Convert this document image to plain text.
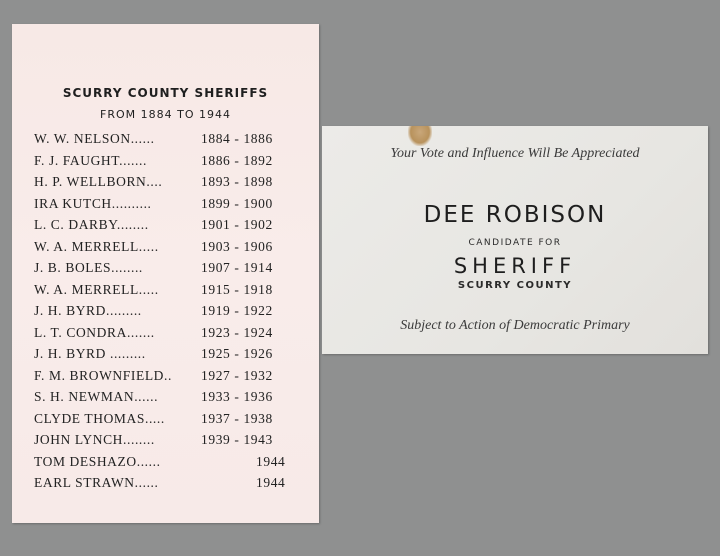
SCURRY COUNTY SHERIFFS
FROM 1884 TO 1944
W. W. NELSON......	1884 - 1886
F. J. FAUGHT.......	1886 - 1892
H. P. WELLBORN....	1893 - 1898
IRA KUTCH..........	1899 - 1900
L. C. DARBY........	1901 - 1902
W. A. MERRELL.....	1903 - 1906
J. B. BOLES........	1907 - 1914
W. A. MERRELL.....	1915 - 1918
J. H. BYRD.........	1919 - 1922
L. T. CONDRA.......	1923 - 1924
J. H. BYRD .........	1925 - 1926
F. M. BROWNFIELD.. 1927 - 1932
S. H. NEWMAN......	1933 - 1936
CLYDE THOMAS.....	1937 - 1938
JOHN LYNCH........	1939 - 1943
TOM DESHAZO......	1944
EARL STRAWN......	1944
Your Vote and Influence Will Be Appreciated
DEE ROBISON
CANDIDATE FOR
SHERIFF
SCURRY COUNTY
Subject to Action of Democratic Primary
